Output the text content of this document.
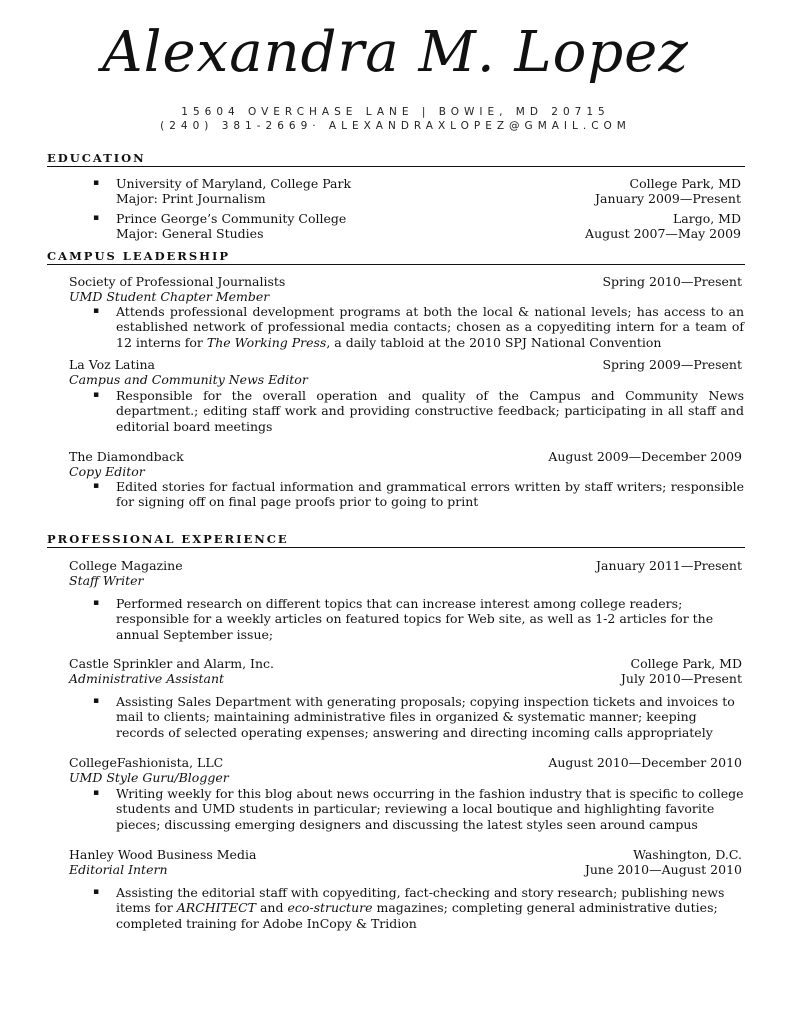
Alexandra M. Lopez
15604 OVERCHASE LANE | BOWIE, MD 20715
(240) 381-2669· ALEXANDRAXLOPEZ@GMAIL.COM
EDUCATION
▪ University of Maryland, College Park	College Park, MD
Major: Print Journalism	January 2009—Present
▪ Prince George’s Community College	Largo, MD
Major: General Studies	August 2007—May 2009
CAMPUS LEADERSHIP
Society of Professional Journalists	Spring 2010—Present
UMD Student Chapter Member
▪ Attends professional development programs at both the local & national levels; has access to an established network of professional media contacts; chosen as a copyediting intern for a team of 12 interns for The Working Press, a daily tabloid at the 2010 SPJ National Convention
La Voz Latina	Spring 2009—Present
Campus and Community News Editor
▪ Responsible for the overall operation and quality of the Campus and Community News department.; editing staff work and providing constructive feedback; participating in all staff and editorial board meetings
The Diamondback	August 2009—December 2009
Copy Editor
▪ Edited stories for factual information and grammatical errors written by staff writers; responsible for signing off on final page proofs prior to going to print
PROFESSIONAL EXPERIENCE
College Magazine	January 2011—Present
Staff Writer
▪ Performed research on different topics that can increase interest among college readers; responsible for a weekly articles on featured topics for Web site, as well as 1-2 articles for the annual September issue;
Castle Sprinkler and Alarm, Inc.	College Park, MD
Administrative Assistant	July 2010—Present
▪ Assisting Sales Department with generating proposals; copying inspection tickets and invoices to mail to clients; maintaining administrative files in organized & systematic manner; keeping records of selected operating expenses; answering and directing incoming calls appropriately
CollegeFashionista, LLC	August 2010—December 2010
UMD Style Guru/Blogger
▪ Writing weekly for this blog about news occurring in the fashion industry that is specific to college students and UMD students in particular; reviewing a local boutique and highlighting favorite pieces; discussing emerging designers and discussing the latest styles seen around campus
Hanley Wood Business Media	Washington, D.C.
Editorial Intern	June 2010—August 2010
▪ Assisting the editorial staff with copyediting, fact-checking and story research; publishing news items for ARCHITECT and eco-structure magazines; completing general administrative duties; completed training for Adobe InCopy & Tridion
